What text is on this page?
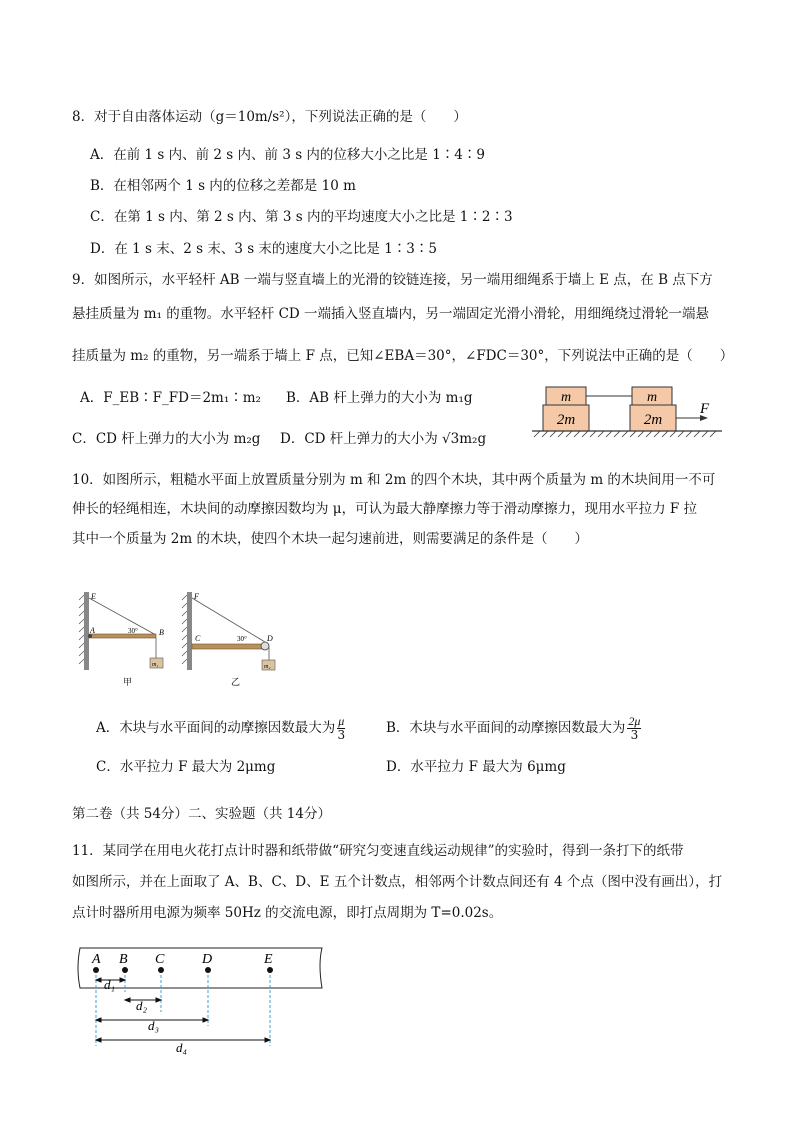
8．对于自由落体运动（g＝10m/s²），下列说法正确的是（　　）
A．在前 1 s 内、前 2 s 内、前 3 s 内的位移大小之比是 1∶4∶9
B．在相邻两个 1 s 内的位移之差都是 10 m
C．在第 1 s 内、第 2 s 内、第 3 s 内的平均速度大小之比是 1∶2∶3
D．在 1 s 末、2 s 末、3 s 末的速度大小之比是 1∶3∶5
9．如图所示，水平轻杆 AB 一端与竖直墙上的光滑的铰链连接，另一端用细绳系于墙上 E 点，在 B 点下方
悬挂质量为 m₁ 的重物。水平轻杆 CD 一端插入竖直墙内，另一端固定光滑小滑轮，用细绳绕过滑轮一端悬
挂质量为 m₂ 的重物，另一端系于墙上 F 点，已知∠EBA＝30°，∠FDC＝30°，下列说法中正确的是（　　）
A．F_EB∶F_FD＝2m₁∶m₂ B．AB 杆上弹力的大小为 m₁g
C．CD 杆上弹力的大小为 m₂g D．CD 杆上弹力的大小为 √3m₂g
m
2m
m
2m
F
10．如图所示，粗糙水平面上放置质量分别为 m 和 2m 的四个木块，其中两个质量为 m 的木块间用一不可
伸长的轻绳相连，木块间的动摩擦因数均为 μ，可认为最大静摩擦力等于滑动摩擦力，现用水平拉力 F 拉
其中一个质量为 2m 的木块，使四个木块一起匀速前进，则需要满足的条件是（　　）
E
A	B
30°
m₁
甲
F
C	D
30°
m₂
乙
A．木块与水平面间的动摩擦因数最大为 $\frac{\mu}{3}$	B．木块与水平面间的动摩擦因数最大为 $\frac{2\mu}{3}$
C．水平拉力 F 最大为 2μmg	D．水平拉力 F 最大为 6μmg
第二卷（共 54分）二、实验题（共 14分）
11．某同学在用电火花打点计时器和纸带做“研究匀变速直线运动规律”的实验时，得到一条打下的纸带
如图所示，并在上面取了 A、B、C、D、E 五个计数点，相邻两个计数点间还有 4 个点（图中没有画出），打
点计时器所用电源为频率 50Hz 的交流电源，即打点周期为 T=0.02s。
A B C	D	E
d₁
d₂
d₃
d₄
